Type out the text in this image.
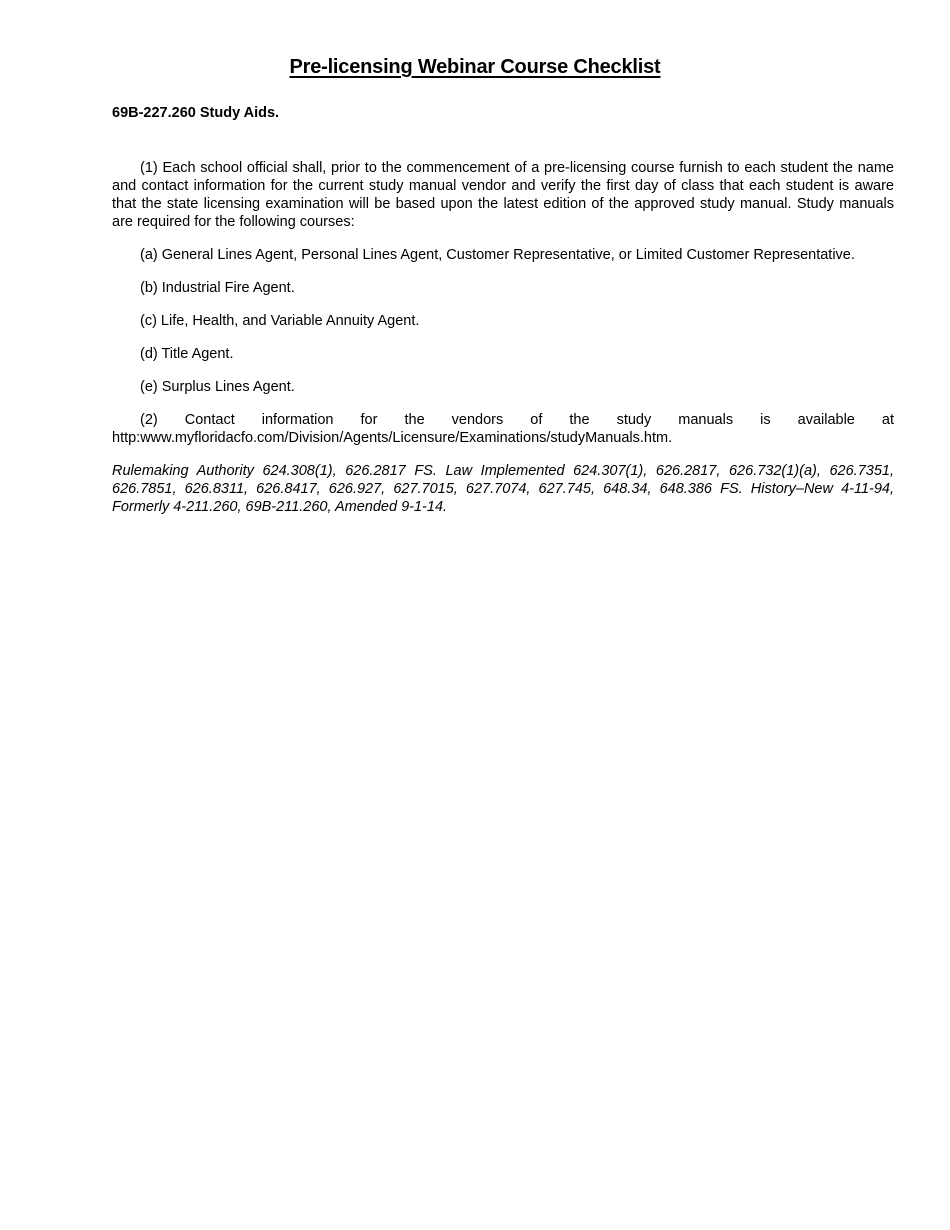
Pre-licensing Webinar Course Checklist
69B-227.260 Study Aids.

(1) Each school official shall, prior to the commencement of a pre-licensing course furnish to each student the name and contact information for the current study manual vendor and verify the first day of class that each student is aware that the state licensing examination will be based upon the latest edition of the approved study manual. Study manuals are required for the following courses:

(a) General Lines Agent, Personal Lines Agent, Customer Representative, or Limited Customer Representative.

(b) Industrial Fire Agent.

(c) Life, Health, and Variable Annuity Agent.

(d) Title Agent.

(e) Surplus Lines Agent.

(2) Contact information for the vendors of the study manuals is available at http:www.myfloridacfo.com/Division/Agents/Licensure/Examinations/studyManuals.htm.

Rulemaking Authority 624.308(1), 626.2817 FS. Law Implemented 624.307(1), 626.2817, 626.732(1)(a), 626.7351, 626.7851, 626.8311, 626.8417, 626.927, 627.7015, 627.7074, 627.745, 648.34, 648.386 FS. History–New 4-11-94, Formerly 4-211.260, 69B-211.260, Amended 9-1-14.
